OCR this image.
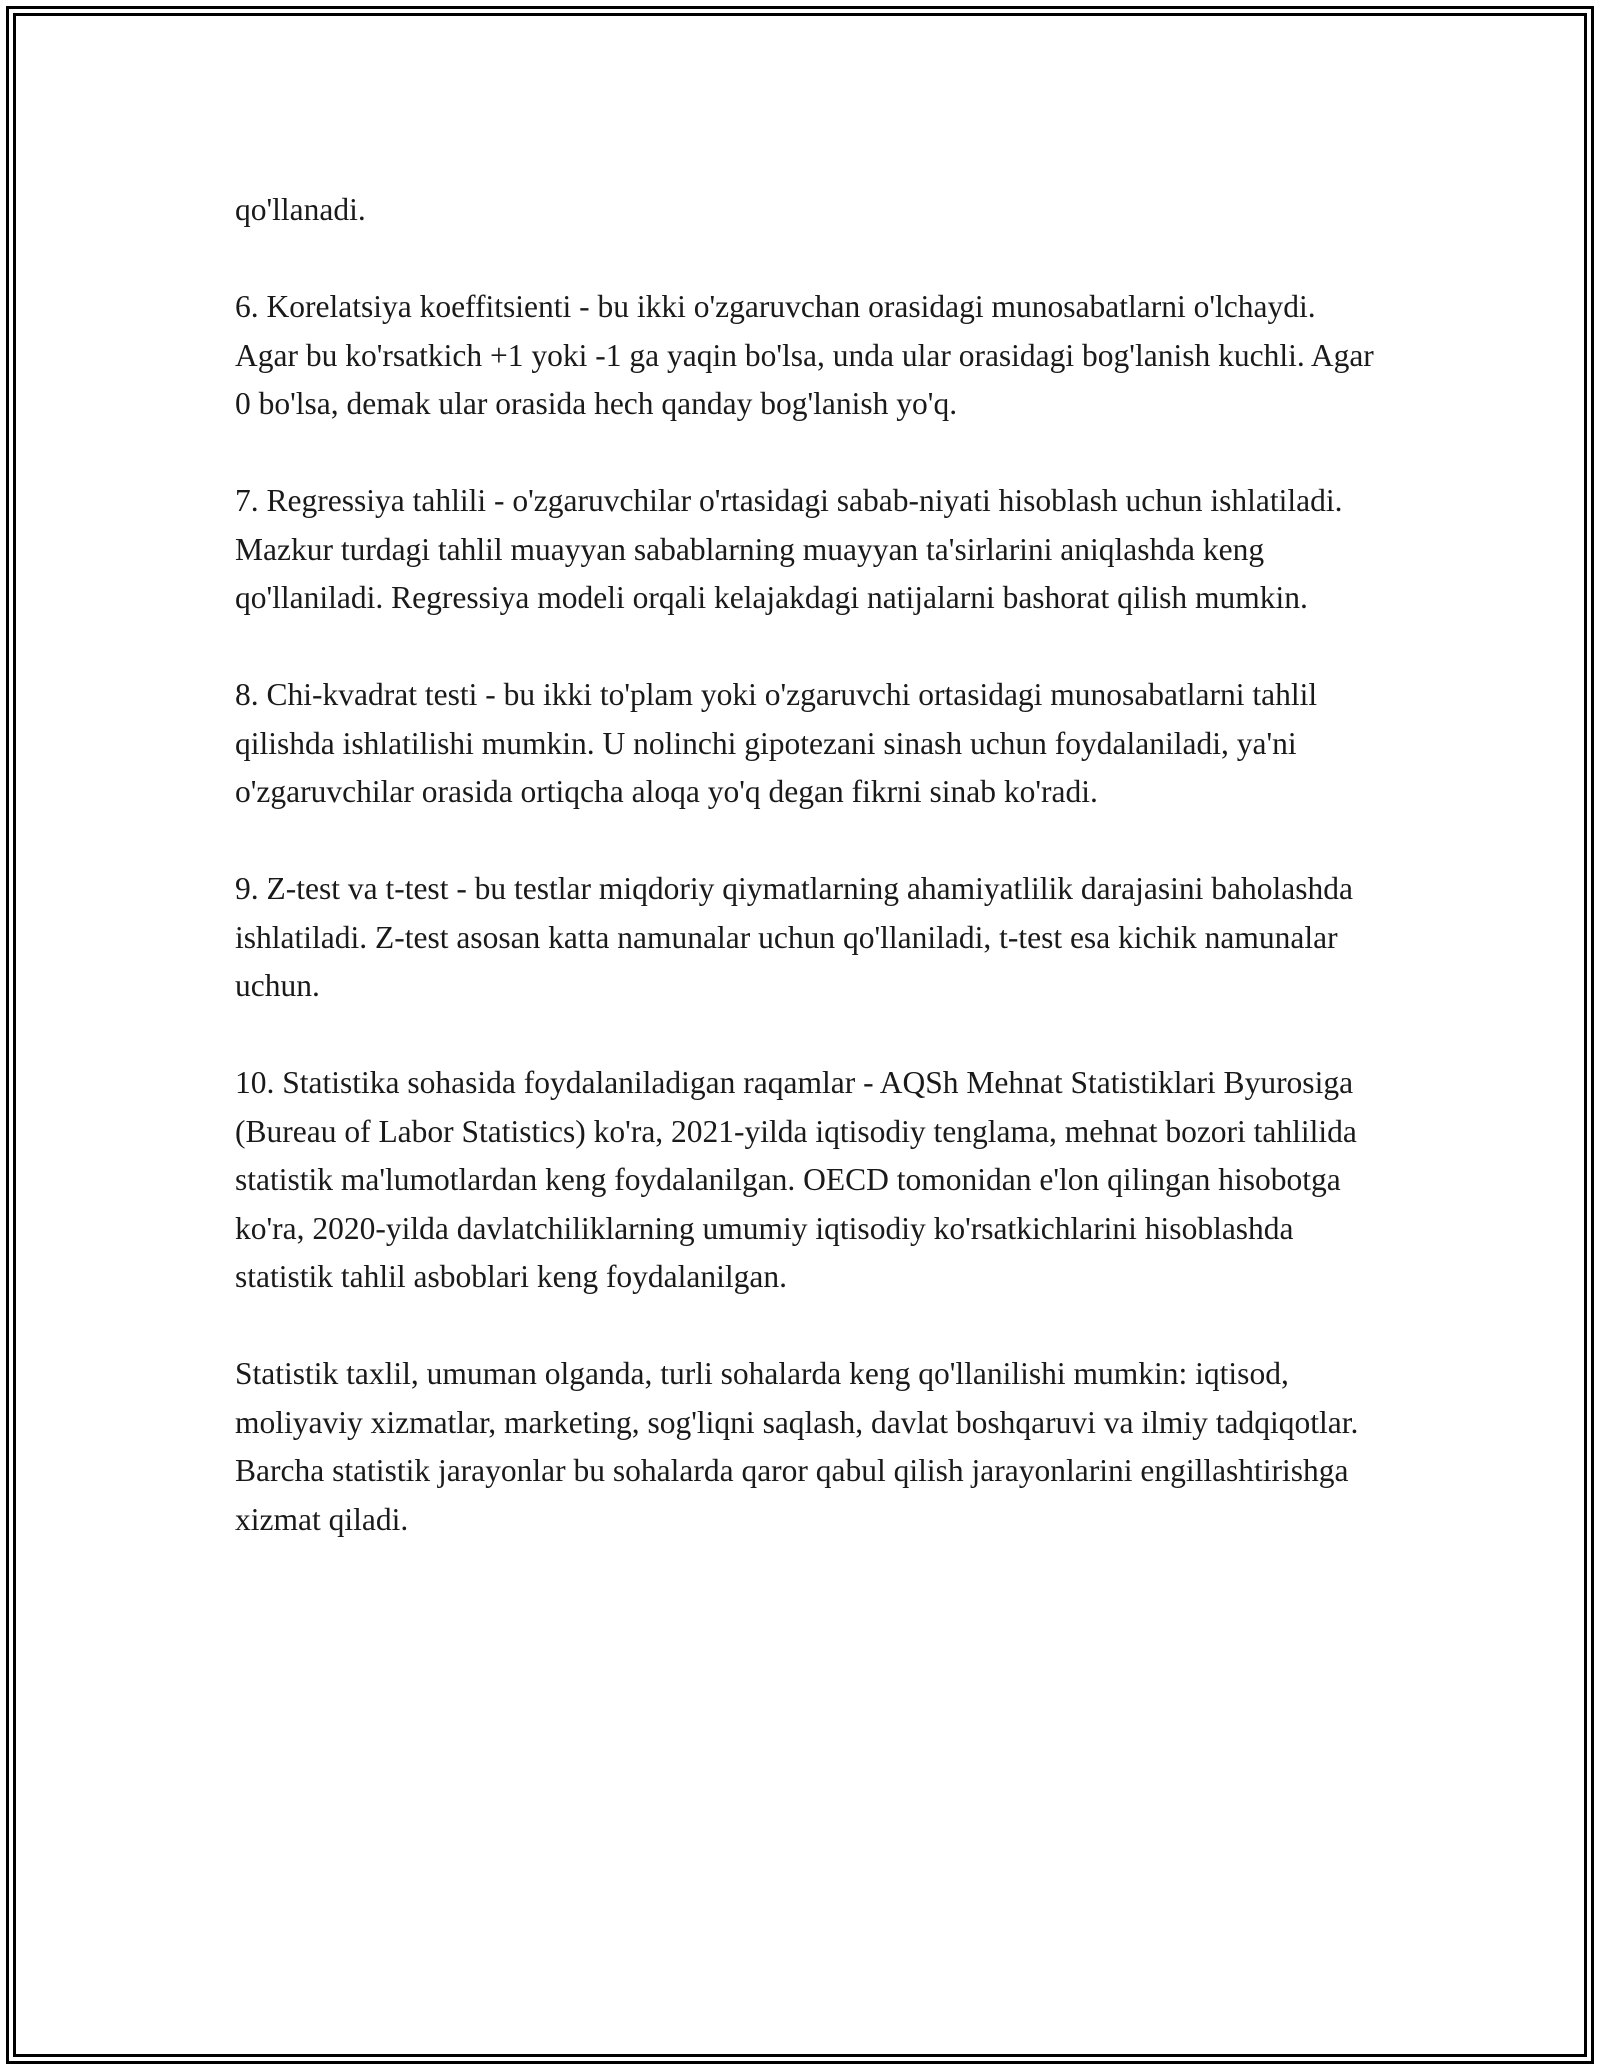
qo'llanadi.

6. Korelatsiya koeffitsienti - bu ikki o'zgaruvchan orasidagi munosabatlarni o'lchaydi. Agar bu ko'rsatkich +1 yoki -1 ga yaqin bo'lsa, unda ular orasidagi bog'lanish kuchli. Agar 0 bo'lsa, demak ular orasida hech qanday bog'lanish yo'q.

7. Regressiya tahlili - o'zgaruvchilar o'rtasidagi sabab-niyati hisoblash uchun ishlatiladi. Mazkur turdagi tahlil muayyan sabablarning muayyan ta'sirlarini aniqlashda keng qo'llaniladi. Regressiya modeli orqali kelajakdagi natijalarni bashorat qilish mumkin.

8. Chi-kvadrat testi - bu ikki to'plam yoki o'zgaruvchi ortasidagi munosabatlarni tahlil qilishda ishlatilishi mumkin. U nolinchi gipotezani sinash uchun foydalaniladi, ya'ni o'zgaruvchilar orasida ortiqcha aloqa yo'q degan fikrni sinab ko'radi.

9. Z-test va t-test - bu testlar miqdoriy qiymatlarning ahamiyatlilik darajasini baholashda ishlatiladi. Z-test asosan katta namunalar uchun qo'llaniladi, t-test esa kichik namunalar uchun.

10. Statistika sohasida foydalaniladigan raqamlar - AQSh Mehnat Statistiklari Byurosiga (Bureau of Labor Statistics) ko'ra, 2021-yilda iqtisodiy tenglama, mehnat bozori tahlilida statistik ma'lumotlardan keng foydalanilgan. OECD tomonidan e'lon qilingan hisobotga ko'ra, 2020-yilda davlatchiliklarning umumiy iqtisodiy ko'rsatkichlarini hisoblashda statistik tahlil asboblari keng foydalanilgan.

Statistik taxlil, umuman olganda, turli sohalarda keng qo'llanilishi mumkin: iqtisod, moliyaviy xizmatlar, marketing, sog'liqni saqlash, davlat boshqaruvi va ilmiy tadqiqotlar. Barcha statistik jarayonlar bu sohalarda qaror qabul qilish jarayonlarini engillashtirishga xizmat qiladi.
